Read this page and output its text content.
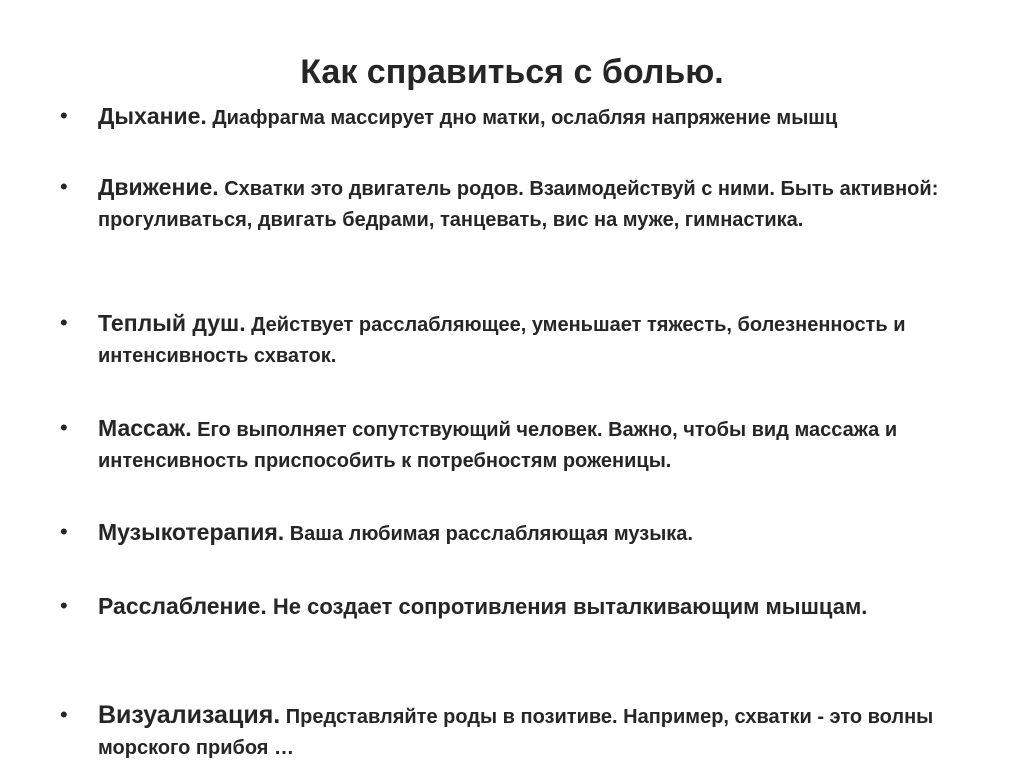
Как справиться с болью.
• Дыхание. Диафрагма массирует дно матки, ослабляя напряжение мышц
• Движение. Схватки это двигатель родов. Взаимодействуй с ними. Быть активной: прогуливаться, двигать бедрами, танцевать, вис на муже, гимнастика.
• Теплый душ. Действует расслабляющее, уменьшает тяжесть, болезненность и интенсивность схваток.
• Массаж. Его выполняет сопутствующий человек. Важно, чтобы вид массажа и интенсивность приспособить к потребностям роженицы.
• Музыкотерапия. Ваша любимая расслабляющая музыка.
• Расслабление. Не создает сопротивления выталкивающим мышцам.
• Визуализация. Представляйте роды в позитиве. Например, схватки - это волны морского прибоя …
